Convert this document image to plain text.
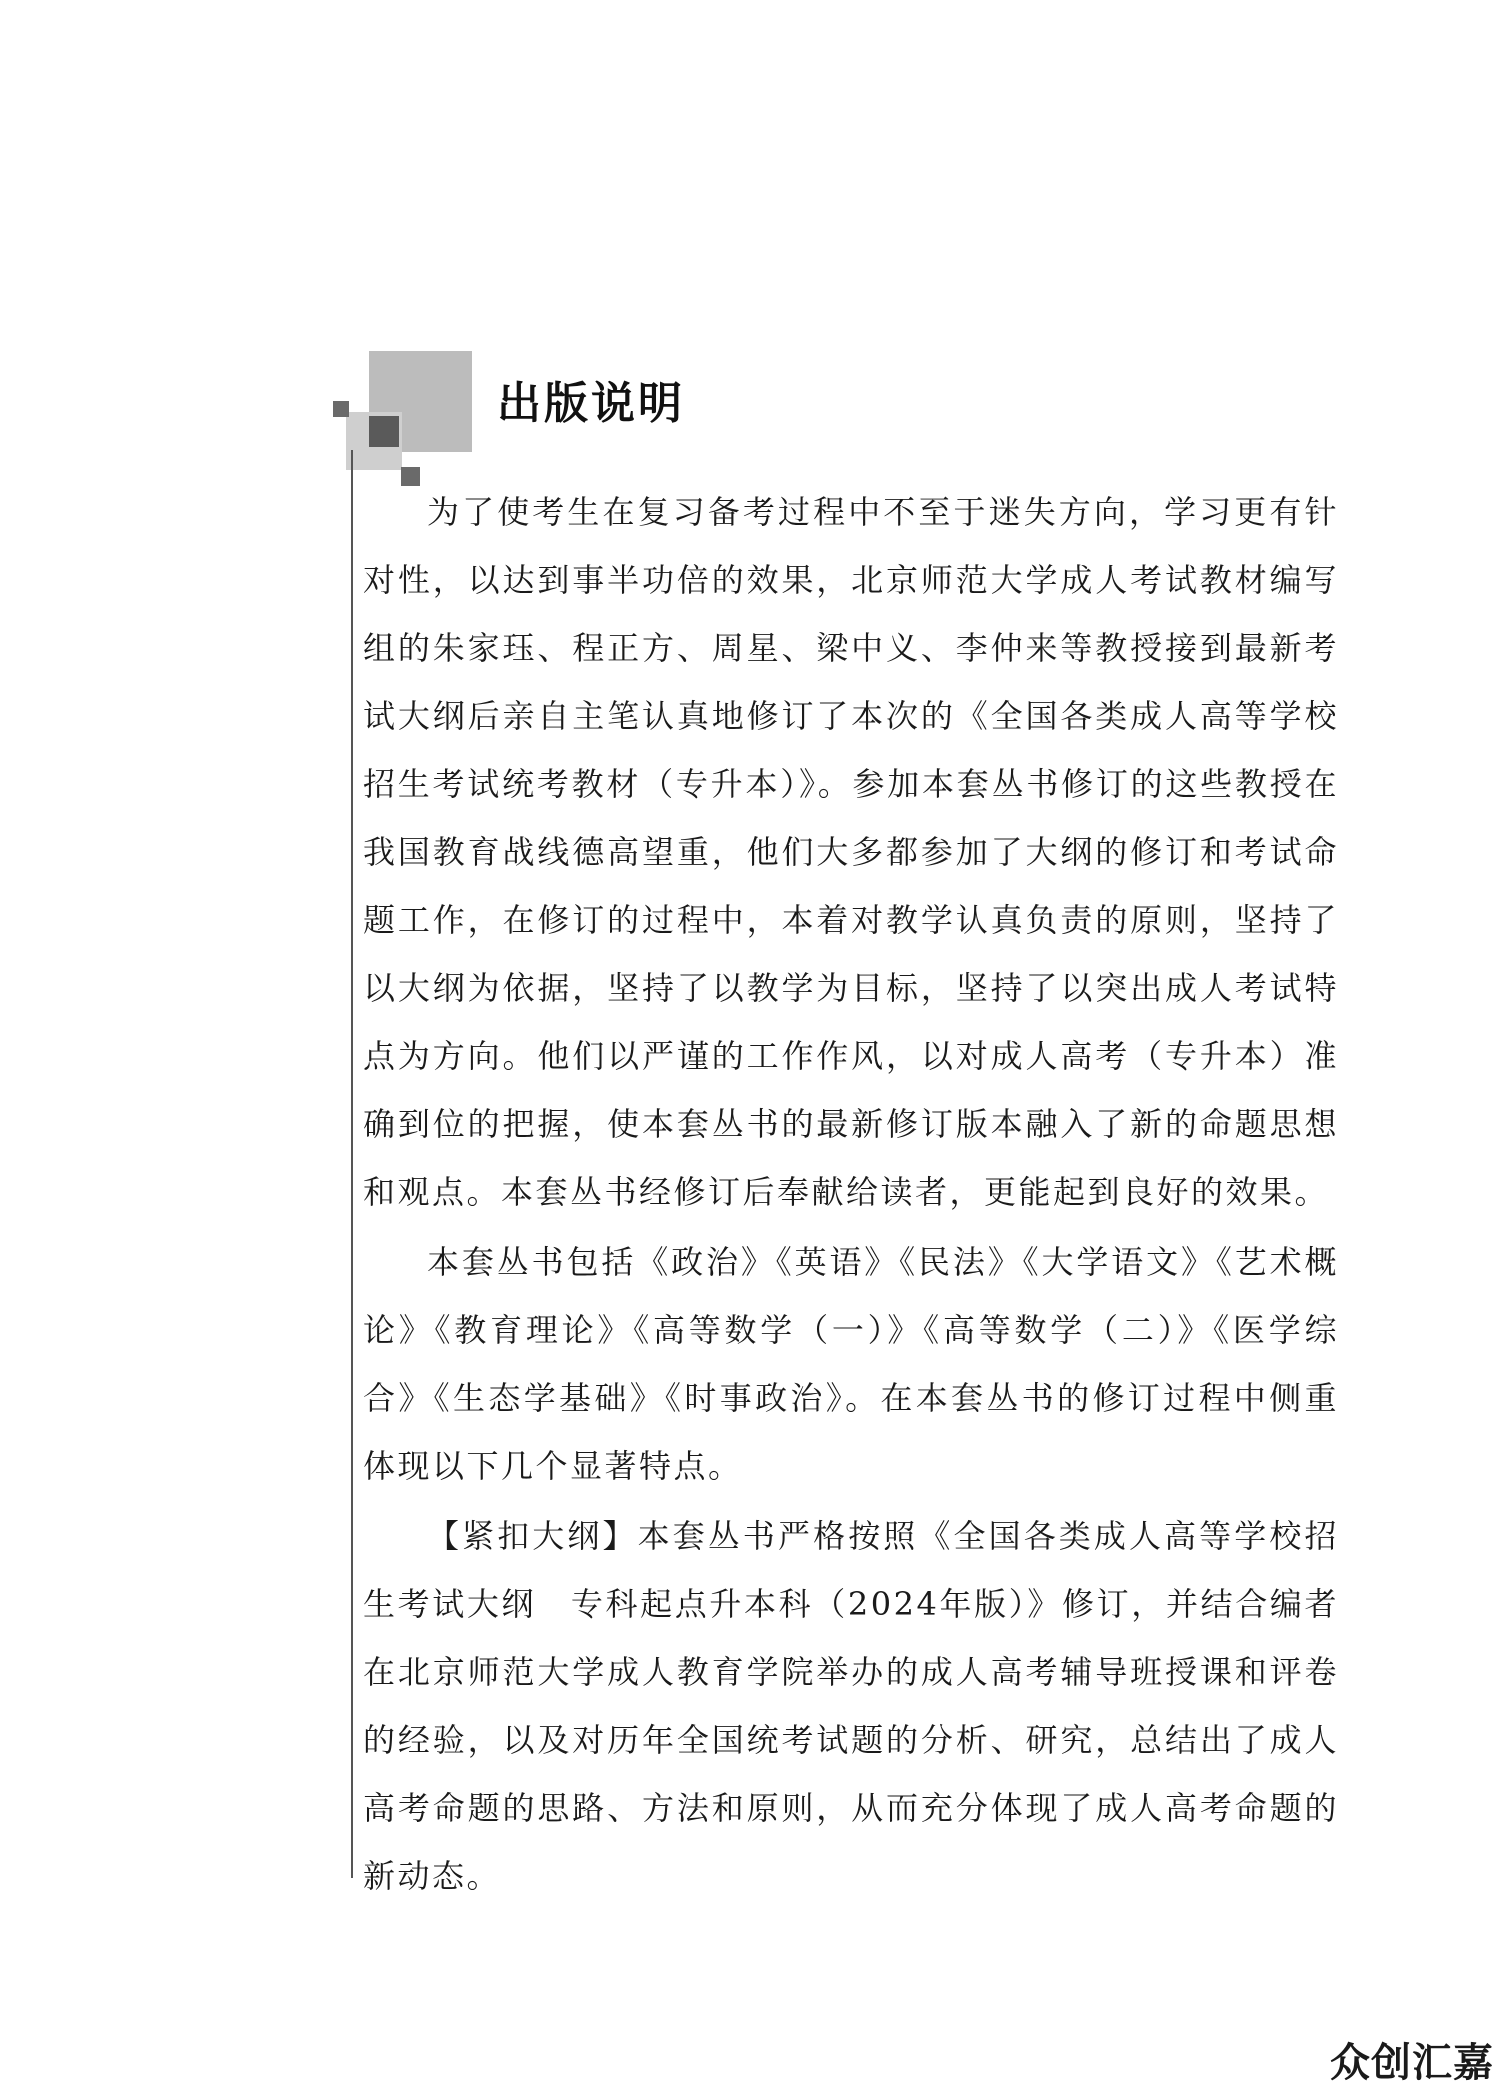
出版说明

为了使考生在复习备考过程中不至于迷失方向，学习更有针对性，以达到事半功倍的效果，北京师范大学成人考试教材编写组的朱家珏、程正方、周星、梁中义、李仲来等教授接到最新考试大纲后亲自主笔认真地修订了本次的《全国各类成人高等学校招生考试统考教材（专升本）》。参加本套丛书修订的这些教授在我国教育战线德高望重，他们大多都参加了大纲的修订和考试命题工作，在修订的过程中，本着对教学认真负责的原则，坚持了以大纲为依据，坚持了以教学为目标，坚持了以突出成人考试特点为方向。他们以严谨的工作作风，以对成人高考（专升本）准确到位的把握，使本套丛书的最新修订版本融入了新的命题思想和观点。本套丛书经修订后奉献给读者，更能起到良好的效果。

本套丛书包括《政治》《英语》《民法》《大学语文》《艺术概论》《教育理论》《高等数学（一）》《高等数学（二）》《医学综合》《生态学基础》《时事政治》。在本套丛书的修订过程中侧重体现以下几个显著特点。

【紧扣大纲】本套丛书严格按照《全国各类成人高等学校招生考试大纲　专科起点升本科（2024年版）》修订，并结合编者在北京师范大学成人教育学院举办的成人高考辅导班授课和评卷的经验，以及对历年全国统考试题的分析、研究，总结出了成人高考命题的思路、方法和原则，从而充分体现了成人高考命题的新动态。

众创汇嘉
